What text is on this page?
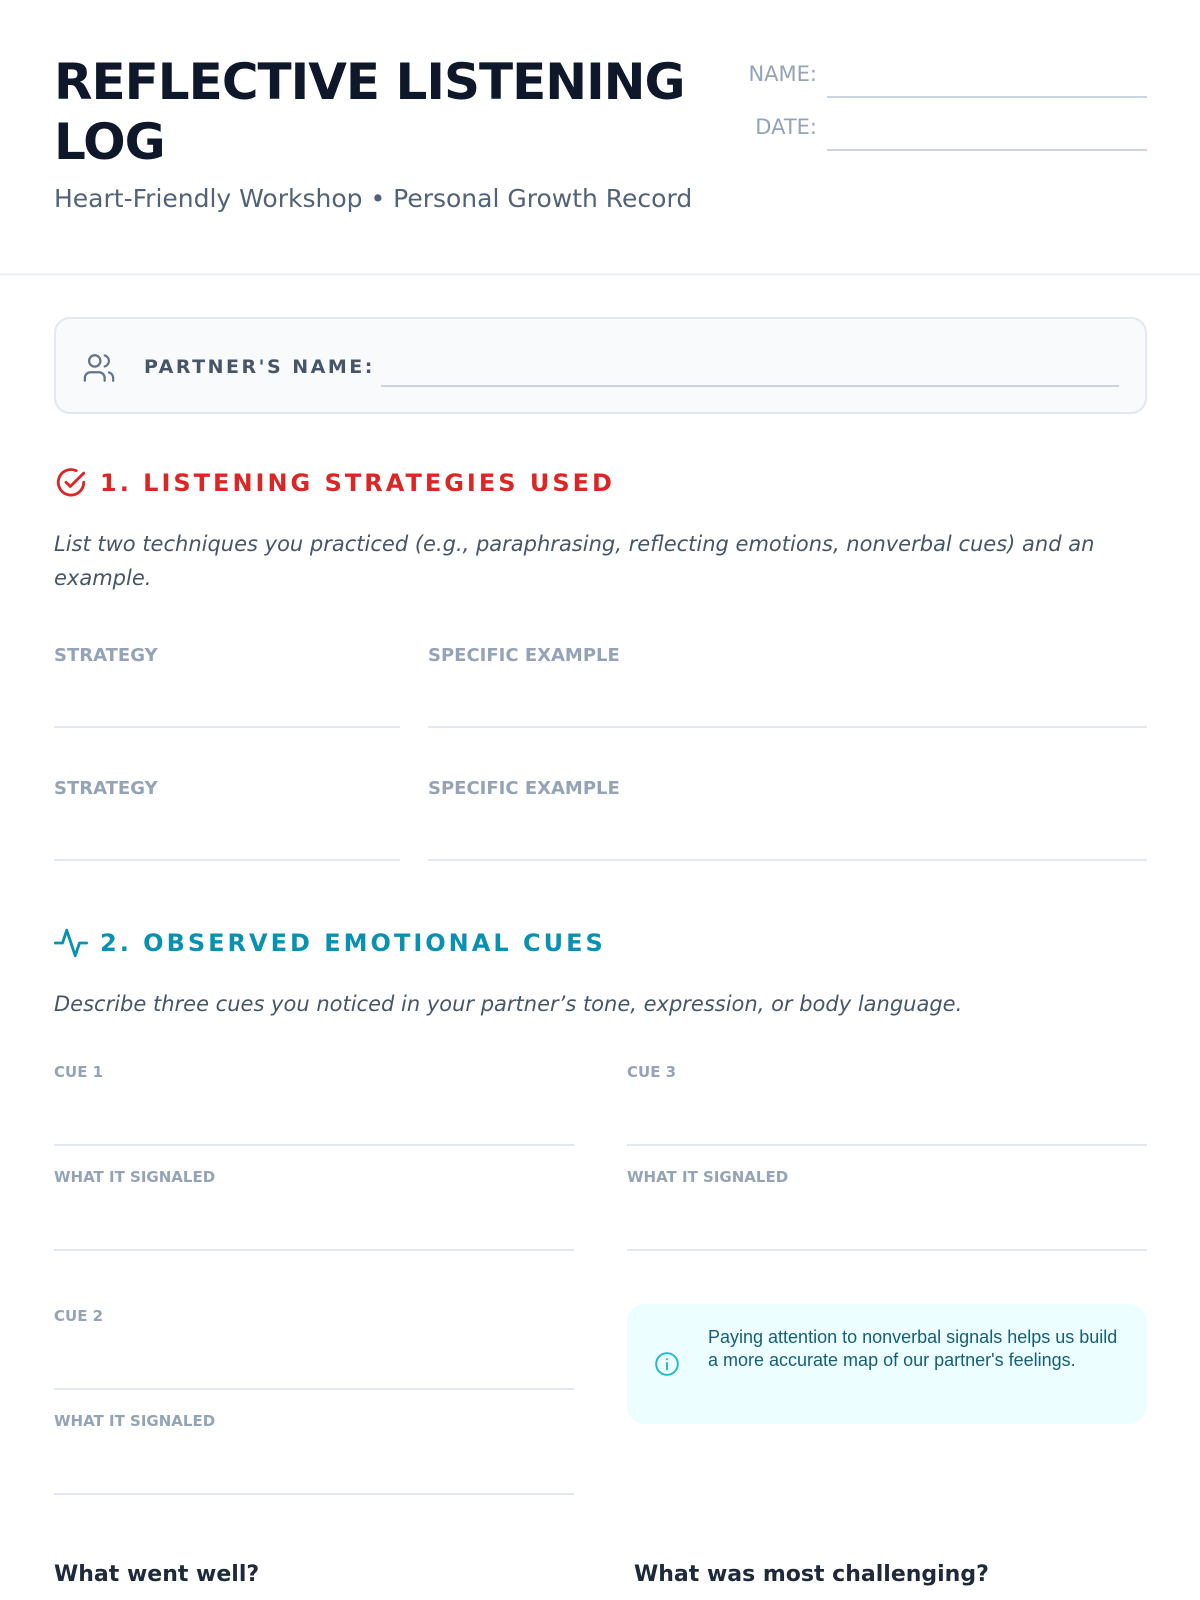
REFLECTIVE LISTENING LOG
Heart-Friendly Workshop • Personal Growth Record
NAME:
DATE:
PARTNER'S NAME:
1. LISTENING STRATEGIES USED
List two techniques you practiced (e.g., paraphrasing, reflecting emotions, nonverbal cues) and an example.
STRATEGY	SPECIFIC EXAMPLE
STRATEGY	SPECIFIC EXAMPLE
2. OBSERVED EMOTIONAL CUES
Describe three cues you noticed in your partner’s tone, expression, or body language.
CUE 1
WHAT IT SIGNALED
CUE 2
WHAT IT SIGNALED
CUE 3
WHAT IT SIGNALED
Paying attention to nonverbal signals helps us build a more accurate map of our partner's feelings.
What went well?	What was most challenging?
